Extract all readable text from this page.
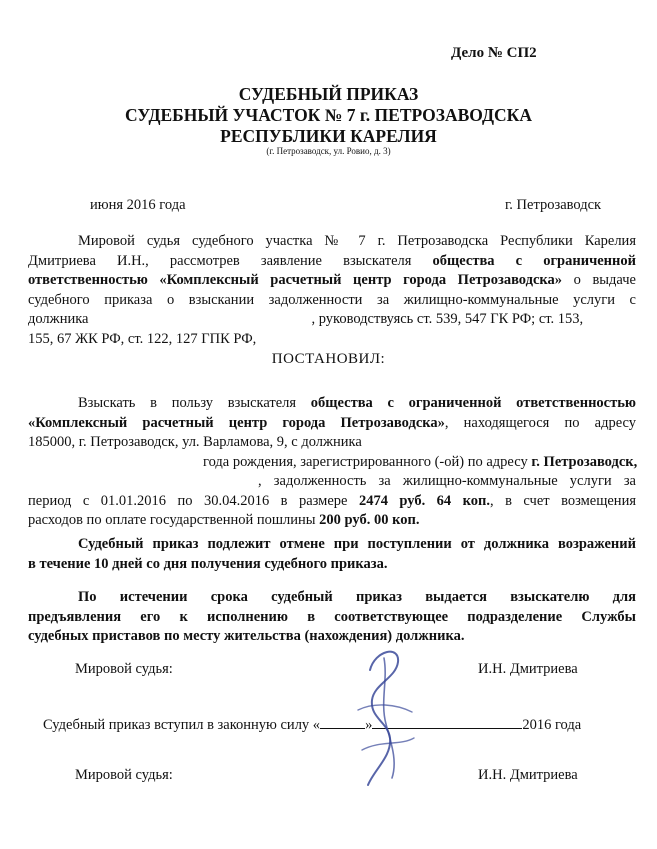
Дело № СП2
СУДЕБНЫЙ ПРИКАЗ
СУДЕБНЫЙ УЧАСТОК № 7 г. ПЕТРОЗАВОДСКА
РЕСПУБЛИКИ КАРЕЛИЯ
(г. Петрозаводск, ул. Ровио, д. 3)
июня 2016 года	г. Петрозаводск
Мировой судья судебного участка № 7 г. Петрозаводска Республики Карелия
Дмитриева И.Н., рассмотрев заявление взыскателя общества с ограниченной
ответственностью «Комплексный расчетный центр города Петрозаводска» о выдаче
судебного приказа о взыскании задолженности за жилищно-коммунальные услуги с
должника	, руководствуясь ст. 539, 547 ГК РФ; ст. 153,
155, 67 ЖК РФ, ст. 122, 127 ГПК РФ,
ПОСТАНОВИЛ:
Взыскать в пользу взыскателя общества с ограниченной ответственностью
«Комплексный расчетный центр города Петрозаводска», находящегося по адресу
185000, г. Петрозаводск, ул. Варламова, 9, с должника
года рождения, зарегистрированного (-ой) по адресу г. Петрозаводск,
, задолженность за жилищно-коммунальные услуги за
период с 01.01.2016 по 30.04.2016 в размере 2474 руб. 64 коп., в счет возмещения
расходов по оплате государственной пошлины 200 руб. 00 коп.
Судебный приказ подлежит отмене при поступлении от должника возражений
в течение 10 дней со дня получения судебного приказа.
По истечении срока судебный приказ выдается взыскателю для
предъявления его к исполнению в соответствующее подразделение Службы
судебных приставов по месту жительства (нахождения) должника.
Мировой судья:	И.Н. Дмитриева
Судебный приказ вступил в законную силу «	»	2016 года
Мировой судья:	И.Н. Дмитриева
